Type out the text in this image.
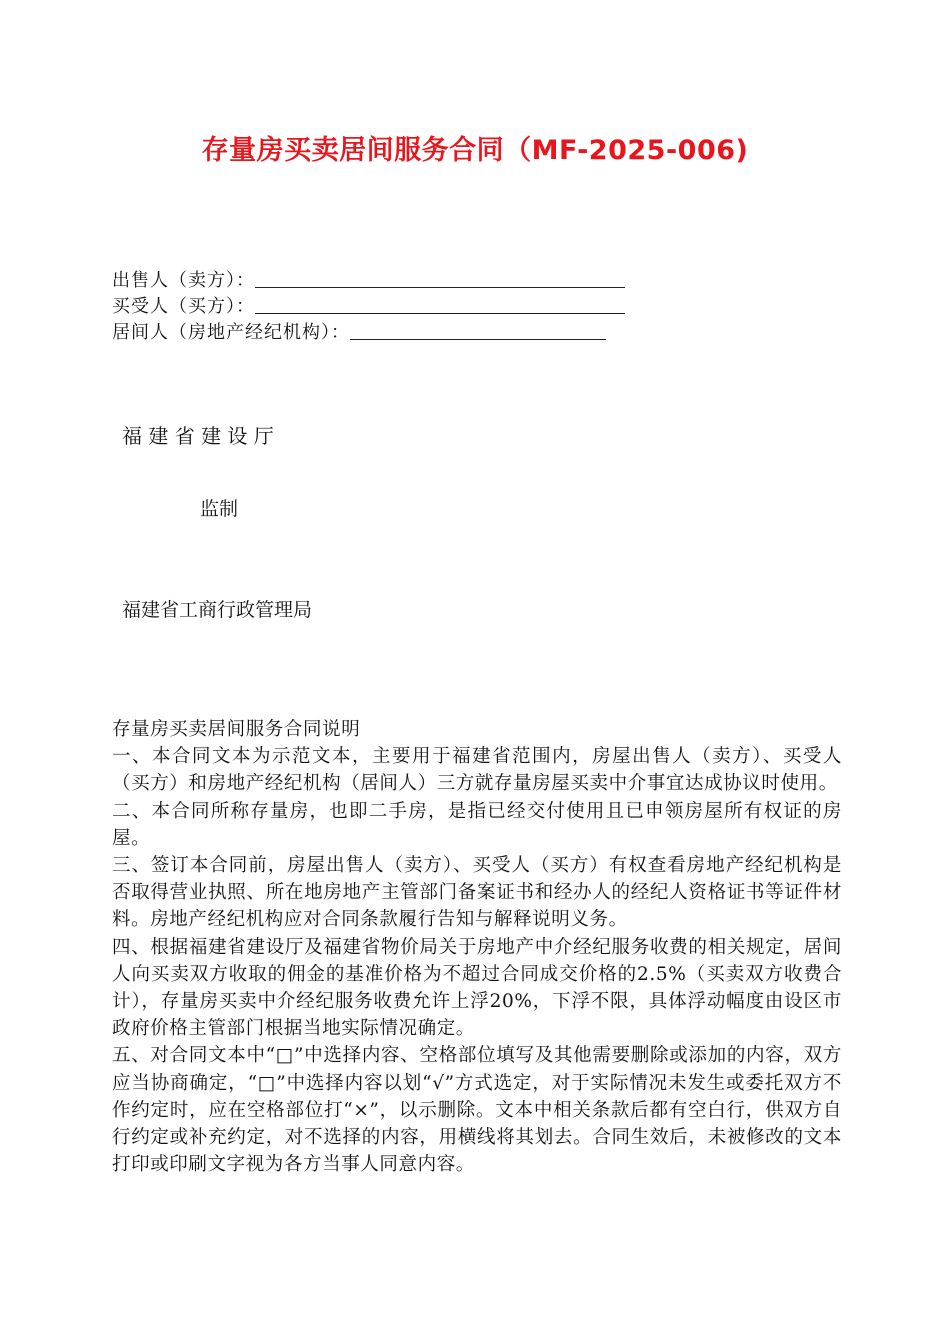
存量房买卖居间服务合同（MF-2025-006)
出售人（卖方）：
买受人（买方）：
居间人（房地产经纪机构）：
福 建 省 建 设 厅
监制
福建省工商行政管理局

存量房买卖居间服务合同说明

一、本合同文本为示范文本，主要用于福建省范围内，房屋出售人（卖方）、买受人（买方）和房地产经纪机构（居间人）三方就存量房屋买卖中介事宜达成协议时使用。

二、本合同所称存量房，也即二手房，是指已经交付使用且已申领房屋所有权证的房屋。

三、签订本合同前，房屋出售人（卖方）、买受人（买方）有权查看房地产经纪机构是否取得营业执照、所在地房地产主管部门备案证书和经办人的经纪人资格证书等证件材料。房地产经纪机构应对合同条款履行告知与解释说明义务。

四、根据福建省建设厅及福建省物价局关于房地产中介经纪服务收费的相关规定，居间人向买卖双方收取的佣金的基准价格为不超过合同成交价格的2.5%（买卖双方收费合计），存量房买卖中介经纪服务收费允许上浮20%，下浮不限，具体浮动幅度由设区市政府价格主管部门根据当地实际情况确定。

五、对合同文本中“□”中选择内容、空格部位填写及其他需要删除或添加的内容，双方应当协商确定，“□”中选择内容以划“√”方式选定，对于实际情况未发生或委托双方不作约定时，应在空格部位打“×”，以示删除。文本中相关条款后都有空白行，供双方自行约定或补充约定，对不选择的内容，用横线将其划去。合同生效后，未被修改的文本打印或印刷文字视为各方当事人同意内容。
